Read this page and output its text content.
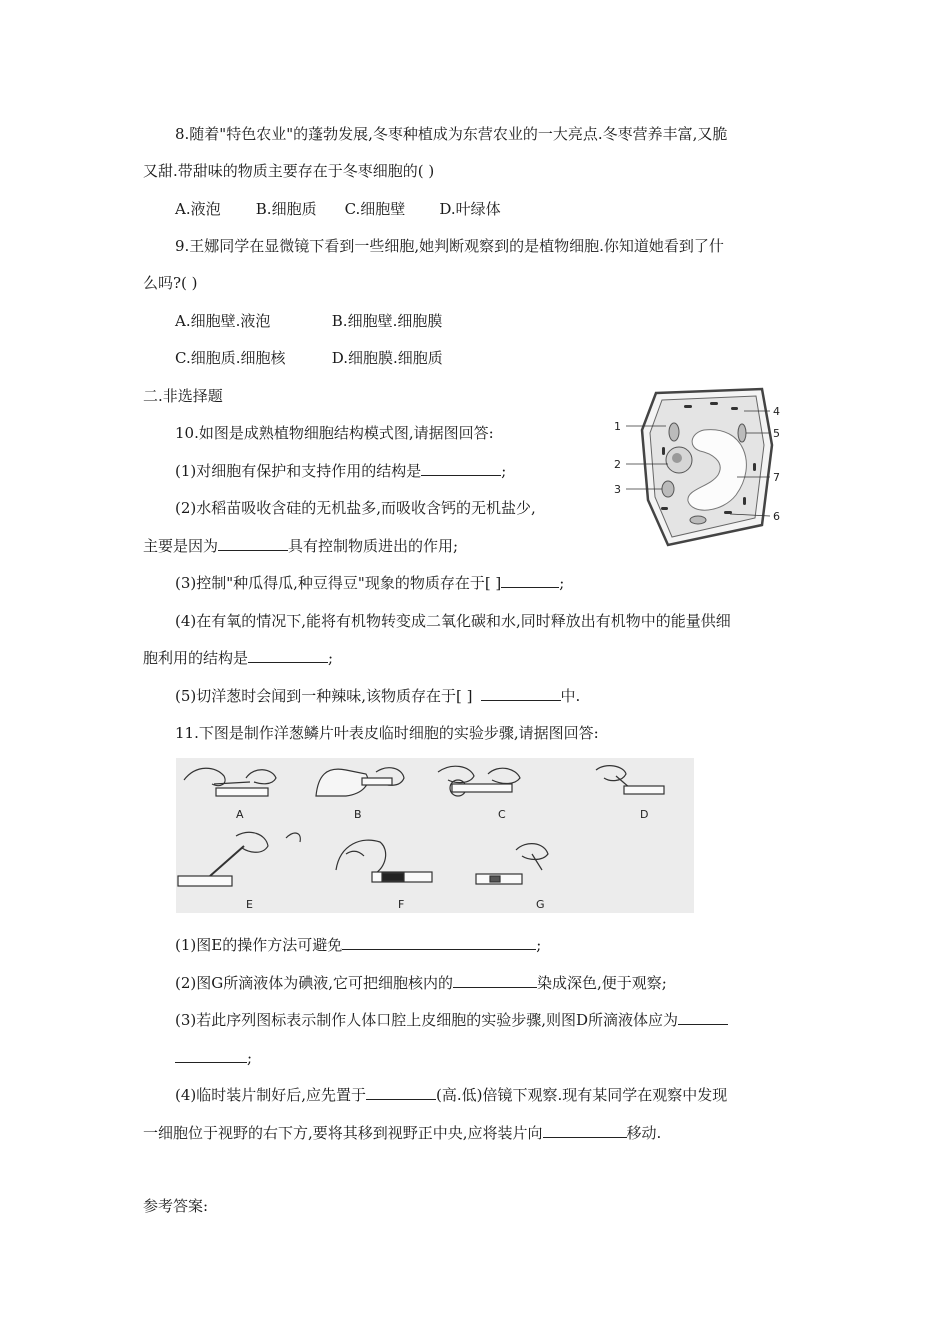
8.随着"特色农业"的蓬勃发展,冬枣种植成为东营农业的一大亮点.冬枣营养丰富,又脆
又甜.带甜味的物质主要存在于冬枣细胞的( )
A.液泡 B.细胞质 C.细胞壁 D.叶绿体
9.王娜同学在显微镜下看到一些细胞,她判断观察到的是植物细胞.你知道她看到了什
么吗?( )
A.细胞壁.液泡	B.细胞壁.细胞膜
C.细胞质.细胞核	D.细胞膜.细胞质
二.非选择题
10.如图是成熟植物细胞结构模式图,请据图回答:
(1)对细胞有保护和支持作用的结构是	;
(2)水稻苗吸收含硅的无机盐多,而吸收含钙的无机盐少,
主要是因为	具有控制物质进出的作用;
(3)控制"种瓜得瓜,种豆得豆"现象的物质存在于[ ]	;
(4)在有氧的情况下,能将有机物转变成二氧化碳和水,同时释放出有机物中的能量供细
胞利用的结构是	;
(5)切洋葱时会闻到一种辣味,该物质存在于[ ]	中.
1
2
3
4
5
6
7
11.下图是制作洋葱鳞片叶表皮临时细胞的实验步骤,请据图回答:
A	B	C	D
E	F	G
(1)图E的操作方法可避免	;
(2)图G所滴液体为碘液,它可把细胞核内的	染成深色,便于观察;
(3)若此序列图标表示制作人体口腔上皮细胞的实验步骤,则图D所滴液体应为
;
(4)临时装片制好后,应先置于	(高.低)倍镜下观察.现有某同学在观察中发现
一细胞位于视野的右下方,要将其移到视野正中央,应将装片向	移动.
参考答案:
